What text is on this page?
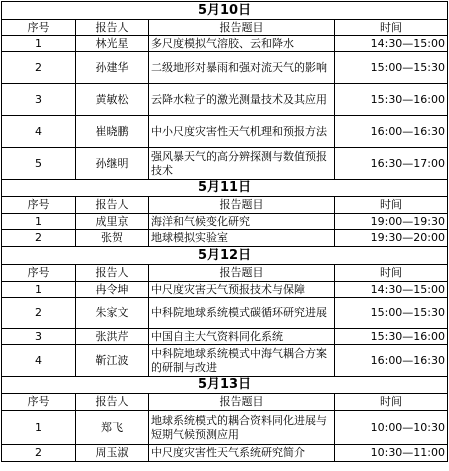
5月10日			
序号	报告人	报告题目	时间
1	林光星	多尺度模拟气溶胶、云和降水	14:30—15:00
2	孙建华	二级地形对暴雨和强对流天气的影响	15:00—15:30
3	黄敏松	云降水粒子的激光测量技术及其应用	15:30—16:00
4	崔晓鹏	中小尺度灾害性天气机理和预报方法	16:00—16:30
5	孙继明	强风暴天气的高分辨探测与数值预报技术	16:30—17:00
5月11日			
序号	报告人	报告题目	时间
1	成里京	海洋和气候变化研究	19:00—19:30
2	张贺	地球模拟实验室	19:30—20:00
5月12日			
序号	报告人	报告题目	时间
1	冉令坤	中尺度灾害天气预报技术与保障	14:30—15:00
2	朱家文	中科院地球系统模式碳循环研究进展	15:00—15:30
3	张洪芹	中国自主大气资料同化系统	15:30—16:00
4	靳江波	中科院地球系统模式中海气耦合方案的研制与改进	16:00—16:30
5月13日			
序号	报告人	报告题目	时间
1	郑飞	地球系统模式的耦合资料同化进展与短期气候预测应用	10:00—10:30
2	周玉淑	中尺度灾害性天气系统研究简介	10:30—11:00
